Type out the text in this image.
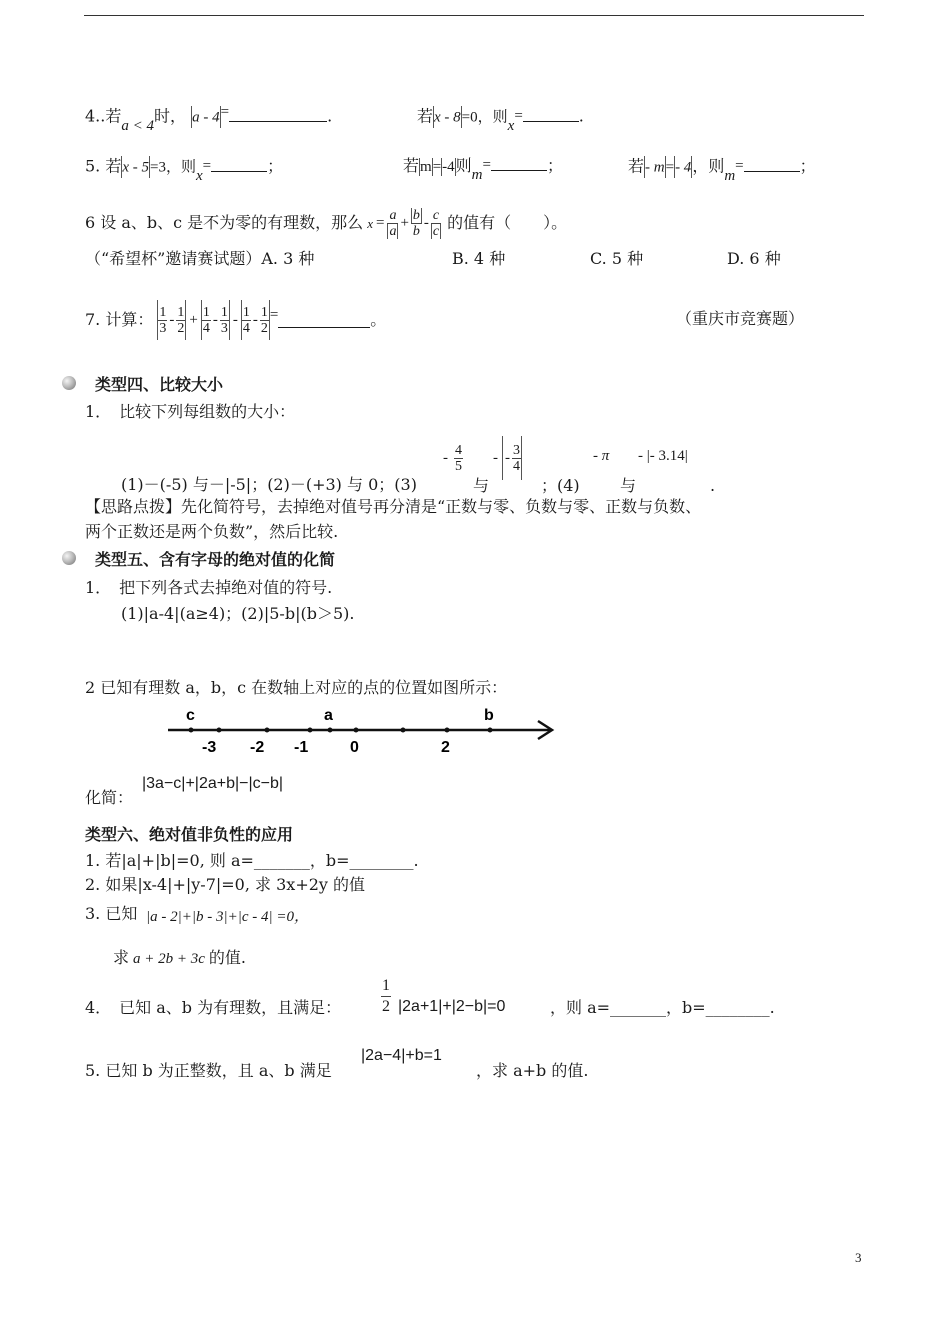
4..若a < 4时， a - 4=	.	若x - 8=0，则x=	.
5. 若x - 5=3，则x=	；	若m=-4则m=	；	若- m=- 4，则m=	；
6 设 a、b、c 是不为零的有理数，那么 $x = \frac{a}{a} + \frac{b}{b} - \frac{c}{c}$ 的值有（　　）。
（“希望杯”邀请赛试题）A. 3 种	B. 4 种	C. 5 种	D. 6 种
7. 计算： $\frac{1}{3} - \frac{1}{2} + \frac{1}{4} - \frac{1}{3} - \frac{1}{4} - \frac{1}{2}$ =	。	（重庆市竞赛题）
类型四、比较大小
1．　比较下列每组数的大小：
- $\frac{4}{5}$ - - $\frac{3}{4}$	- π - |- 3.14|
(1)－(-5) 与－|-5|；(2)－(+3) 与 0；(3)	与	；(4)	与	.
【思路点拨】先化简符号，去掉绝对值号再分清是“正数与零、负数与零、正数与负数、
两个正数还是两个负数”，然后比较.
类型五、含有字母的绝对值的化简
1．　把下列各式去掉绝对值的符号.
(1)|a-4|(a≥4)；(2)|5-b|(b＞5).
2 已知有理数 a，b，c 在数轴上对应的点的位置如图所示：
c	a	b
-3 -2 -1	0	2
化简：
|3a−c|+|2a+b|−|c−b|
类型六、绝对值非负性的应用
1. 若|a|+|b|=0, 则 a=_______，b=________.
2. 如果|x-4|+|y-7|=0, 求 3x+2y 的值
3. 已知 |a - 2|+|b - 3|+|c - 4| =0，
求 a + 2b + 3c 的值.
4．　已知 a、b 为有理数，且满足： $\frac{1}{2} |2a+1|+|2-b|=0$	，则 a=_______，b=________.
5. 已知 b 为正整数，且 a、b 满足
|2a−4|+b=1
，求 a+b 的值.
3
